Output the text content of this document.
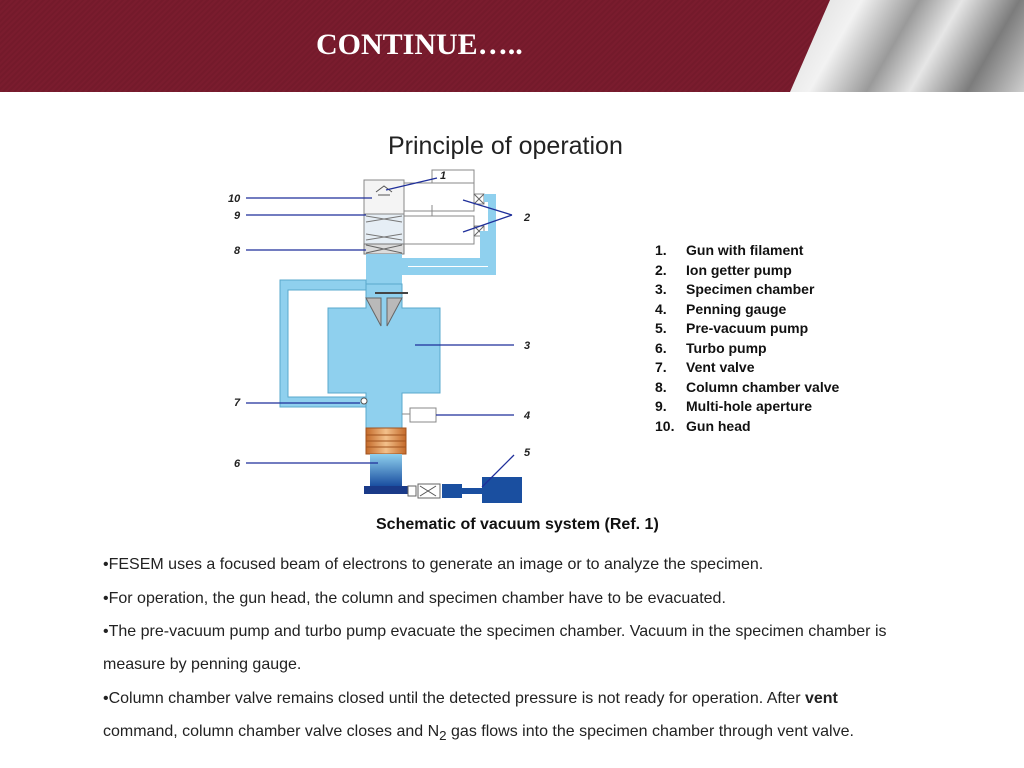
CONTINUE…..
Principle of operation
1
2
3
4
5
6
7
8
9
10
1. Gun with filament
2. Ion getter pump
3. Specimen chamber
4. Penning gauge
5. Pre-vacuum pump
6. Turbo pump
7. Vent valve
8. Column chamber valve
9. Multi-hole aperture
10. Gun head
Schematic of vacuum system (Ref. 1)
•FESEM uses a focused beam of electrons to generate an image or to analyze the specimen.
•For operation, the gun head, the column and specimen chamber have to be evacuated.
•The pre-vacuum pump and turbo pump evacuate the specimen chamber. Vacuum in the specimen chamber is
measure by penning gauge.
•Column chamber valve remains closed until the detected pressure is not ready for operation. After vent
command, column chamber valve closes and $N_2$ gas flows into the specimen chamber through vent valve.
